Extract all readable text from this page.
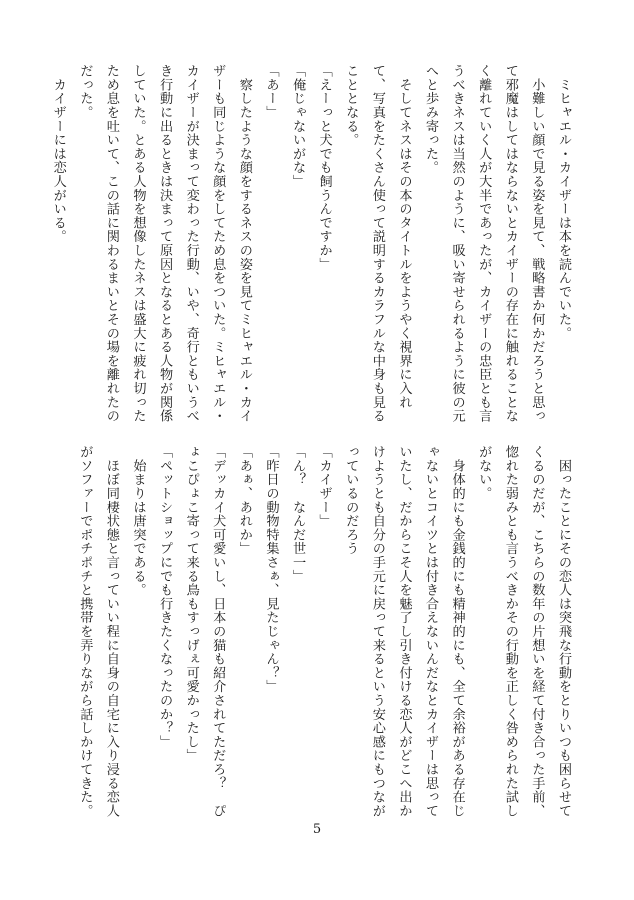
　ミヒャエル・カイザーは本を読んでいた。

　小難しい顔で見る姿を見て、戦略書か何かだろうと思って邪魔はしてはならないとカイザーの存在に触れることなく離れていく人が大半であったが、カイザーの忠臣とも言うべきネスは当然のように、吸い寄せられるように彼の元へと歩み寄った。

　そしてネスはその本のタイトルをようやく視界に入れて、写真をたくさん使って説明するカラフルな中身も見ることとなる。

「えーっと犬でも飼うんですか」

「俺じゃないがな」

「あー」

　察したような顔をするネスの姿を見てミヒャエル・カイザーも同じような顔をしてため息をついた。ミヒャエル・カイザーが決まって変わった行動、いや、奇行ともいうべき行動に出るときは決まって原因となるとある人物が関係していた。とある人物を想像したネスは盛大に疲れ切ったため息を吐いて、この話に関わるまいとその場を離れたのだった。

　カイザーには恋人がいる。

　困ったことにその恋人は突飛な行動をとりいつも困らせてくるのだが、こちらの数年の片想いを経て付き合った手前、惚れた弱みとも言うべきかその行動を正しく咎められた試しがない。

　身体的にも金銭的にも精神的にも、全て余裕がある存在じゃないとコイツとは付き合えないんだなとカイザーは思っていたし、だからこそ人を魅了し引き付ける恋人がどこへ出かけようとも自分の手元に戻って来るという安心感にもつながっているのだろう

「カイザー」

「ん？　なんだ世一」

「昨日の動物特集さぁ、見たじゃん？」

「あぁ、あれか」

「デッカイ犬可愛いし、日本の猫も紹介されてただろ？　ぴょこぴょこ寄って来る鳥もすっげぇ可愛かったし」

「ペットショップにでも行きたくなったのか？」

　始まりは唐突である。

　ほぼ同棲状態と言っていい程に自身の自宅に入り浸る恋人がソファーでポチポチと携帯を弄りながら話しかけてきた。

5
